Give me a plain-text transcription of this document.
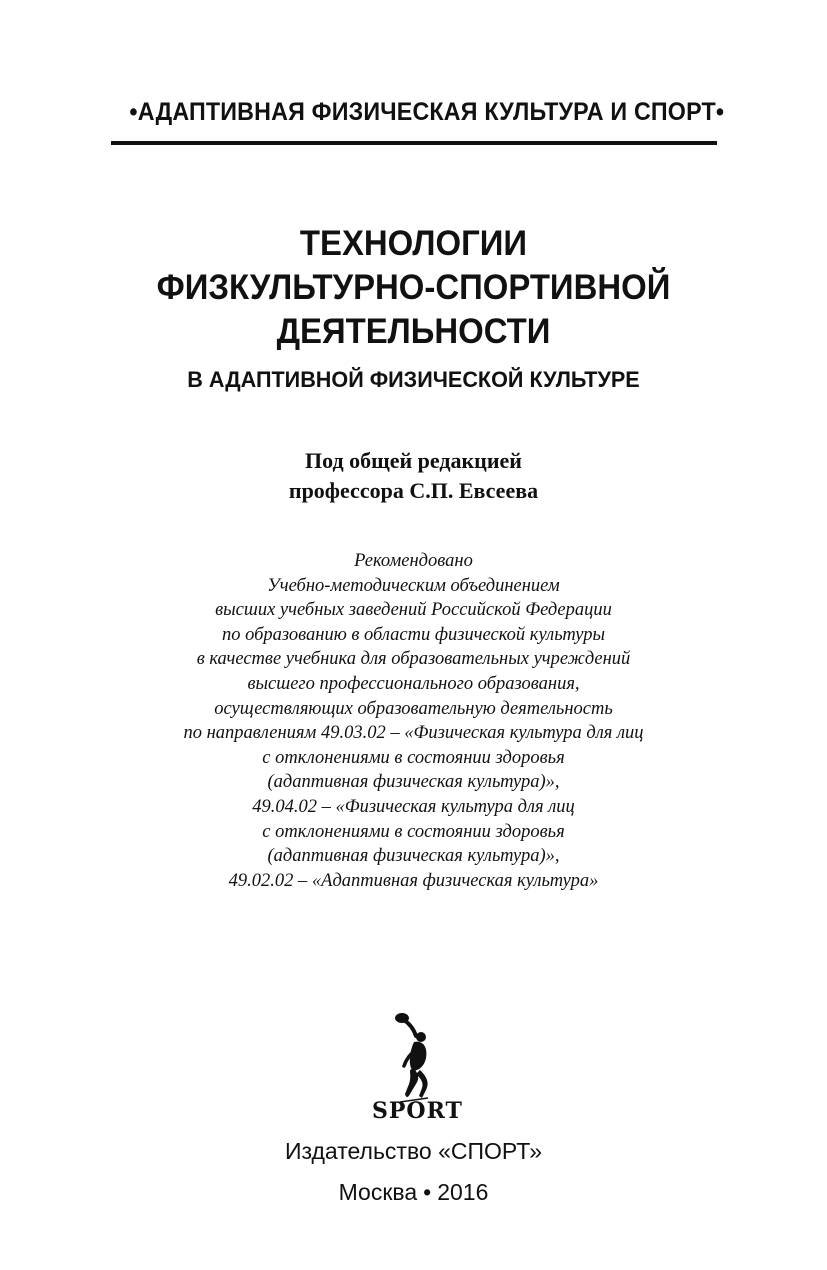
•АДАПТИВНАЯ ФИЗИЧЕСКАЯ КУЛЬТУРА И СПОРТ•
ТЕХНОЛОГИИ
ФИЗКУЛЬТУРНО-СПОРТИВНОЙ
ДЕЯТЕЛЬНОСТИ
В АДАПТИВНОЙ ФИЗИЧЕСКОЙ КУЛЬТУРЕ
Под общей редакцией
профессора С.П. Евсеева
Рекомендовано
Учебно-методическим объединением
высших учебных заведений Российской Федерации
по образованию в области физической культуры
в качестве учебника для образовательных учреждений
высшего профессионального образования,
осуществляющих образовательную деятельность
по направлениям 49.03.02 – «Физическая культура для лиц
с отклонениями в состоянии здоровья
(адаптивная физическая культура)»,
49.04.02 – «Физическая культура для лиц
с отклонениями в состоянии здоровья
(адаптивная физическая культура)»,
49.02.02 – «Адаптивная физическая культура»
SPORT
Издательство «СПОРТ»
Москва • 2016
